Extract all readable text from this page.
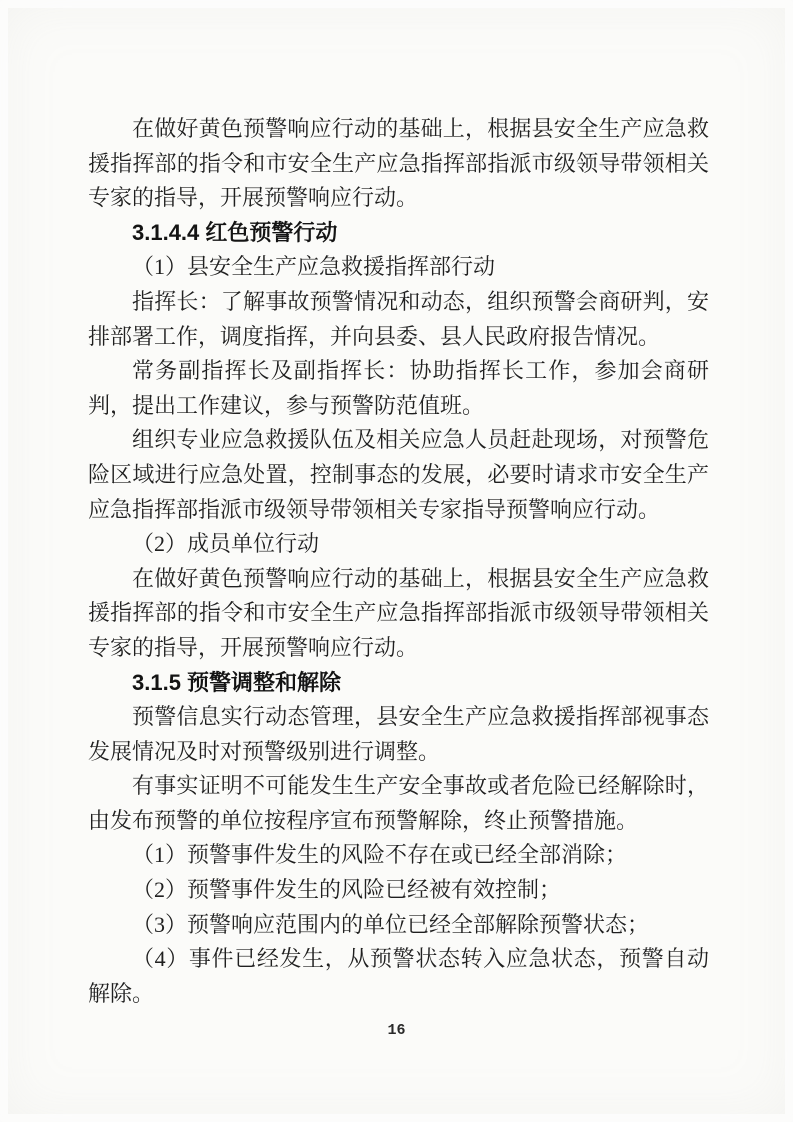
在做好黄色预警响应行动的基础上，根据县安全生产应急救援指挥部的指令和市安全生产应急指挥部指派市级领导带领相关专家的指导，开展预警响应行动。

3.1.4.4 红色预警行动

（1）县安全生产应急救援指挥部行动

指挥长：了解事故预警情况和动态，组织预警会商研判，安排部署工作，调度指挥，并向县委、县人民政府报告情况。

常务副指挥长及副指挥长：协助指挥长工作，参加会商研判，提出工作建议，参与预警防范值班。

组织专业应急救援队伍及相关应急人员赶赴现场，对预警危险区域进行应急处置，控制事态的发展，必要时请求市安全生产应急指挥部指派市级领导带领相关专家指导预警响应行动。

（2）成员单位行动

在做好黄色预警响应行动的基础上，根据县安全生产应急救援指挥部的指令和市安全生产应急指挥部指派市级领导带领相关专家的指导，开展预警响应行动。

3.1.5 预警调整和解除

预警信息实行动态管理，县安全生产应急救援指挥部视事态发展情况及时对预警级别进行调整。

有事实证明不可能发生生产安全事故或者危险已经解除时，由发布预警的单位按程序宣布预警解除，终止预警措施。

（1）预警事件发生的风险不存在或已经全部消除；

（2）预警事件发生的风险已经被有效控制；

（3）预警响应范围内的单位已经全部解除预警状态；

（4）事件已经发生，从预警状态转入应急状态，预警自动解除。

16
